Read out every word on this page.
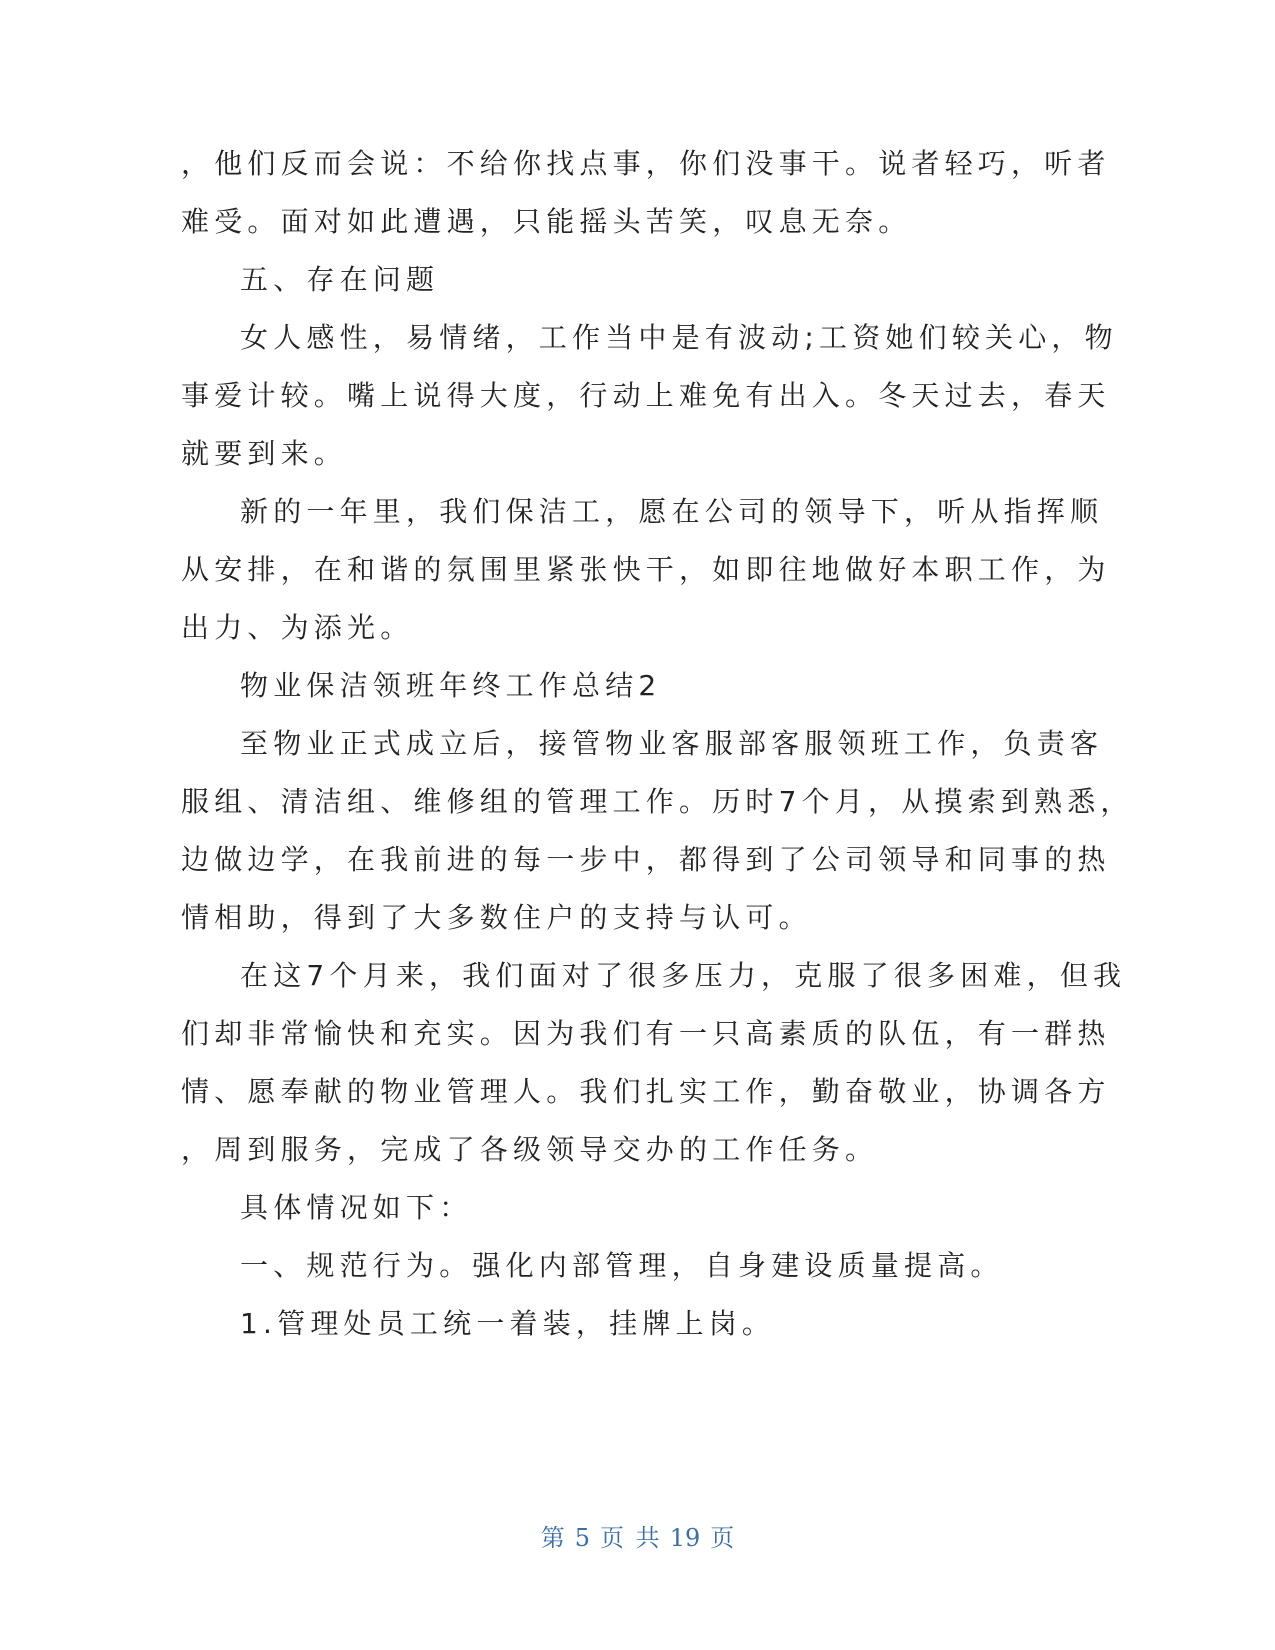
，他们反而会说：不给你找点事，你们没事干。说者轻巧，听者
难受。面对如此遭遇，只能摇头苦笑，叹息无奈。
五、存在问题
女人感性，易情绪，工作当中是有波动;工资她们较关心，物
事爱计较。嘴上说得大度，行动上难免有出入。冬天过去，春天
就要到来。
新的一年里，我们保洁工，愿在公司的领导下，听从指挥顺
从安排，在和谐的氛围里紧张快干，如即往地做好本职工作，为
出力、为添光。
物业保洁领班年终工作总结2
至物业正式成立后，接管物业客服部客服领班工作，负责客
服组、清洁组、维修组的管理工作。历时7个月，从摸索到熟悉，
边做边学，在我前进的每一步中，都得到了公司领导和同事的热
情相助，得到了大多数住户的支持与认可。
在这7个月来，我们面对了很多压力，克服了很多困难，但我
们却非常愉快和充实。因为我们有一只高素质的队伍，有一群热
情、愿奉献的物业管理人。我们扎实工作，勤奋敬业，协调各方
，周到服务，完成了各级领导交办的工作任务。
具体情况如下：
一、规范行为。强化内部管理，自身建设质量提高。
1.管理处员工统一着装，挂牌上岗。
第 5 页 共 19 页
